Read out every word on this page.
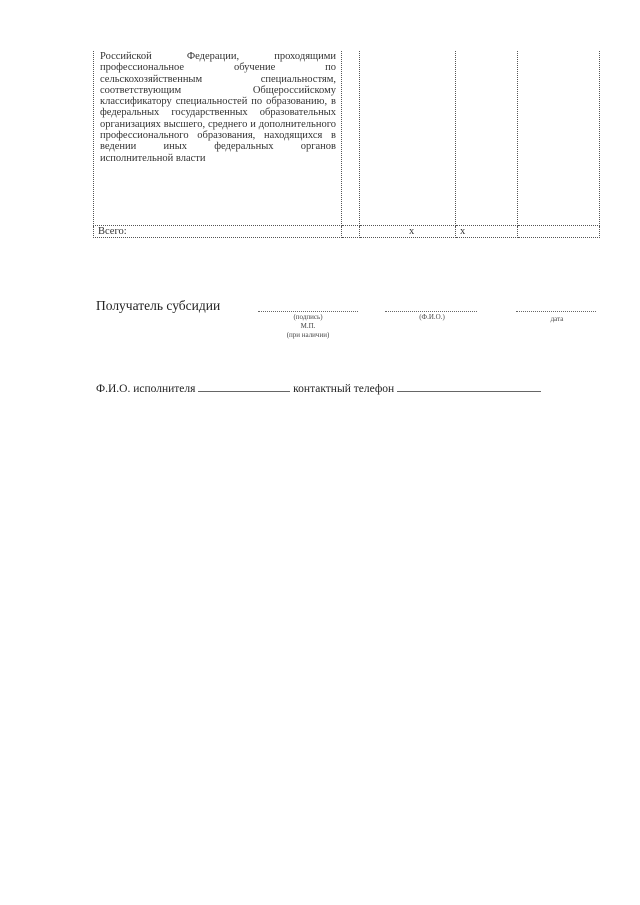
Российской Федерации, проходящими профессиональное обучение по сельскохозяйственным специальностям, соответствующим Общероссийскому классификатору специальностей по образованию, в федеральных государственных образовательных организациях высшего, среднего и дополнительного профессионального образования, находящихся в ведении иных федеральных органов исполнительной власти				
Всего:		х	х	
Получатель субсидии
(подпись)
М.П.
(при наличии)
(Ф.И.О.)	дата
Ф.И.О. исполнителя	контактный телефон
